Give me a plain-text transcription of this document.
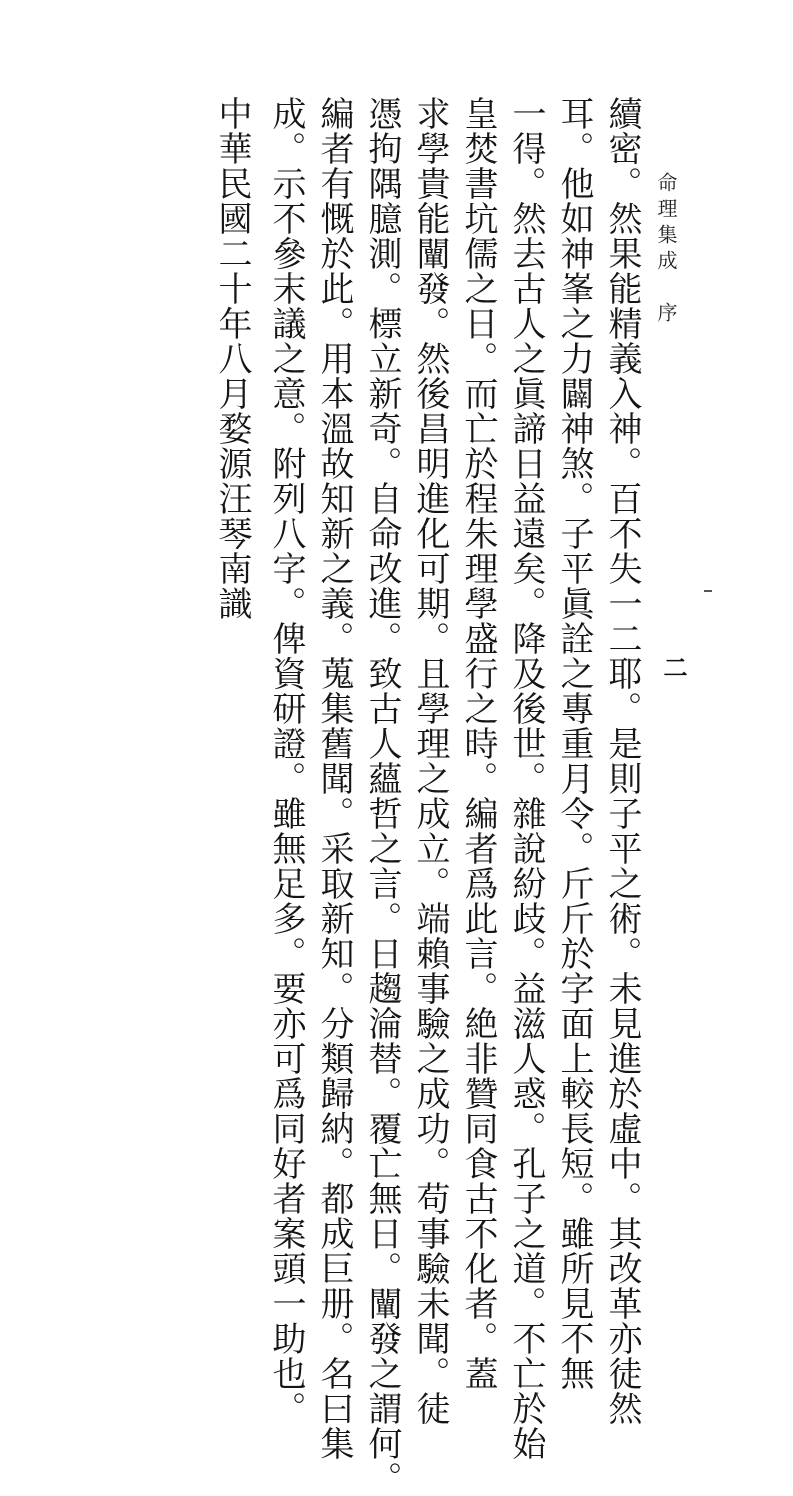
命理集成　序
二
續密。然果能精義入神。百不失一二耶。是則子平之術。未見進於虛中。其改革亦徒然
耳。他如神峯之力闢神煞。子平眞詮之專重月令。斤斤於字面上較長短。雖所見不無
一得。然去古人之眞諦日益遠矣。降及後世。雜說紛歧。益滋人惑。孔子之道。不亡於始
皇焚書坑儒之日。而亡於程朱理學盛行之時。編者爲此言。絶非贊同食古不化者。蓋
求學貴能闡發。然後昌明進化可期。且學理之成立。端賴事驗之成功。苟事驗未聞。徒
憑拘隅臆測。標立新奇。自命改進。致古人蘊哲之言。日趨淪替。覆亡無日。闡發之謂何。
編者有慨於此。用本溫故知新之義。蒐集舊聞。采取新知。分類歸納。都成巨册。名曰集
成。示不參末議之意。附列八字。俾資研證。雖無足多。要亦可爲同好者案頭一助也。
中華民國二十年八月婺源汪琴南識
